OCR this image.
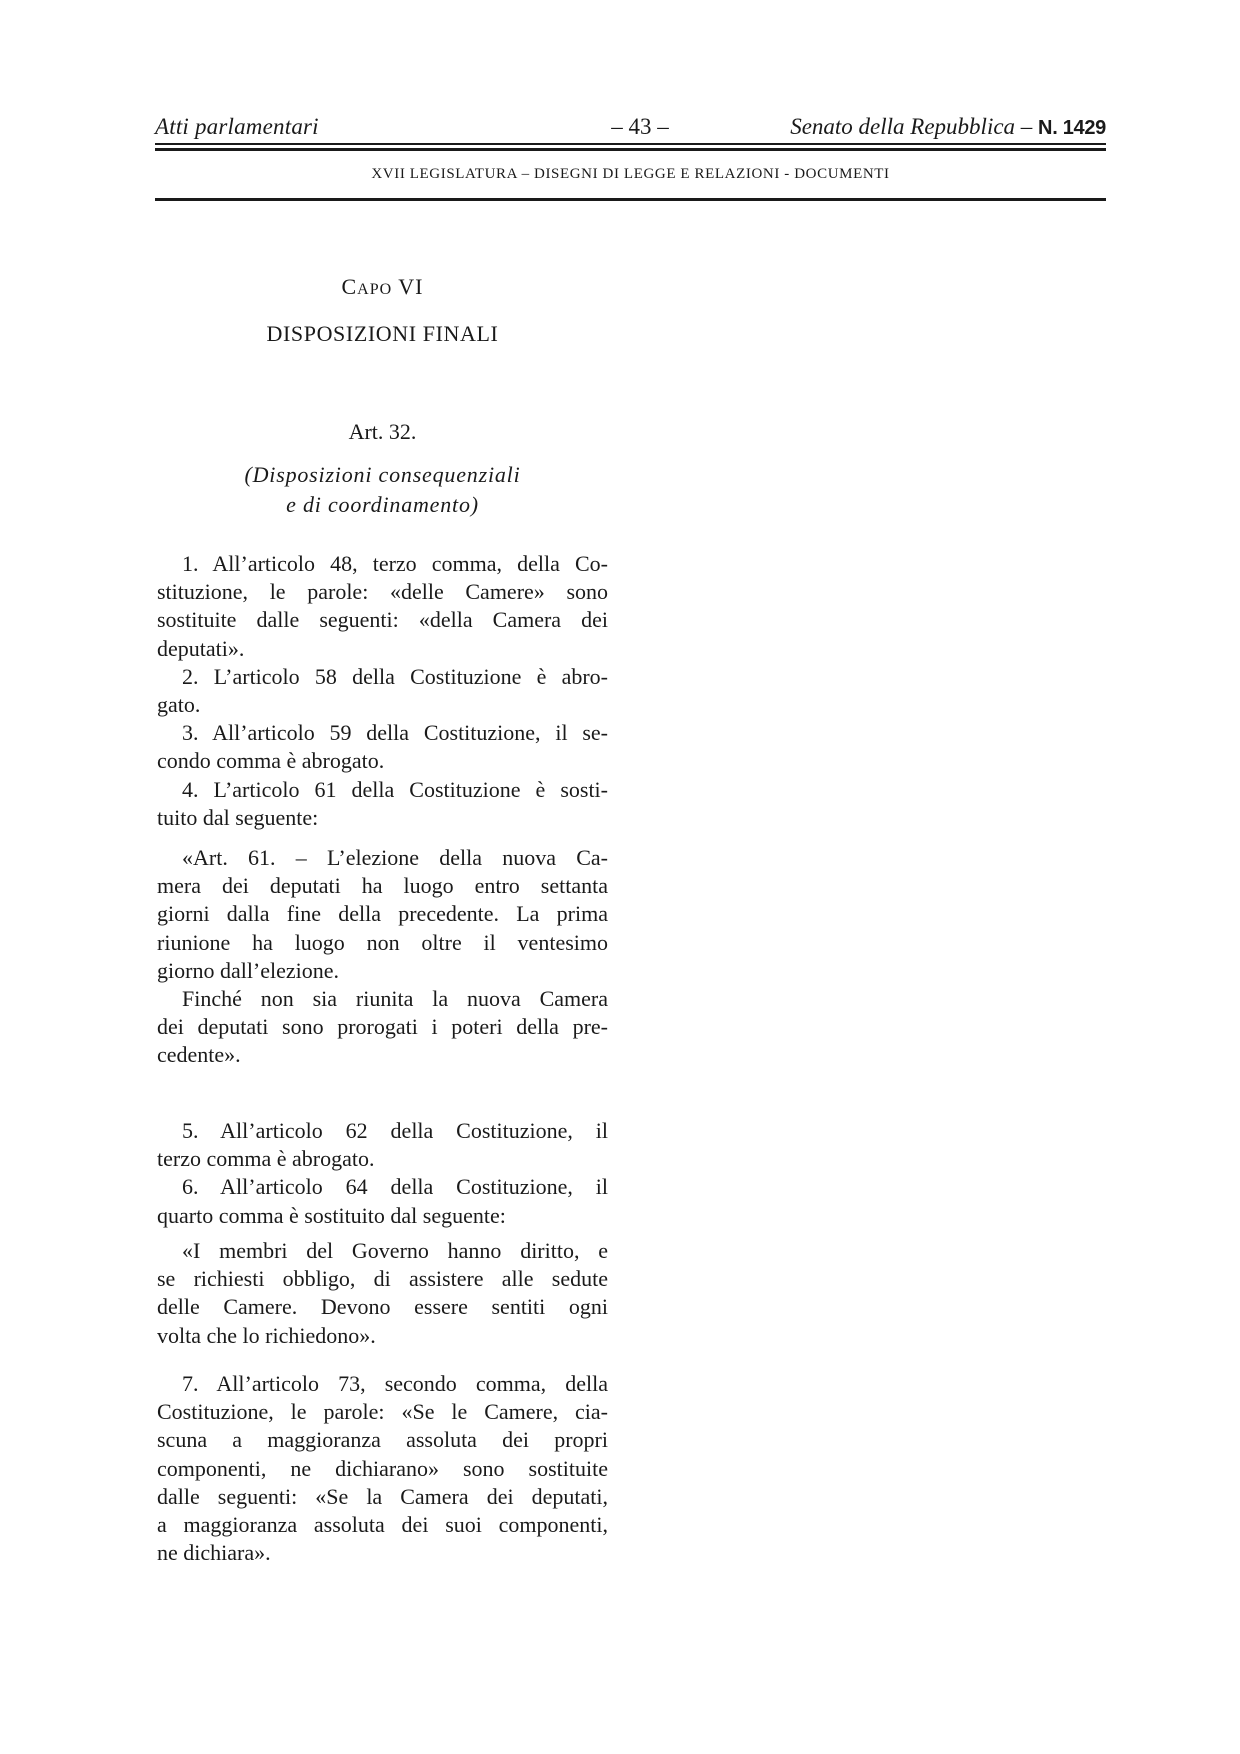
Atti parlamentari	– 43 –	Senato della Repubblica – N. 1429
XVII LEGISLATURA – DISEGNI DI LEGGE E RELAZIONI - DOCUMENTI
CAPO VI
DISPOSIZIONI FINALI
Art. 32.
(Disposizioni consequenziali
e di coordinamento)
1. All’articolo 48, terzo comma, della Co-
stituzione, le parole: «delle Camere» sono
sostituite dalle seguenti: «della Camera dei
deputati».
2. L’articolo 58 della Costituzione è abro-
gato.
3. All’articolo 59 della Costituzione, il se-
condo comma è abrogato.
4. L’articolo 61 della Costituzione è sosti-
tuito dal seguente:
«Art. 61. – L’elezione della nuova Ca-
mera dei deputati ha luogo entro settanta
giorni dalla fine della precedente. La prima
riunione ha luogo non oltre il ventesimo
giorno dall’elezione.
Finché non sia riunita la nuova Camera
dei deputati sono prorogati i poteri della pre-
cedente».
5. All’articolo 62 della Costituzione, il
terzo comma è abrogato.
6. All’articolo 64 della Costituzione, il
quarto comma è sostituito dal seguente:
«I membri del Governo hanno diritto, e
se richiesti obbligo, di assistere alle sedute
delle Camere. Devono essere sentiti ogni
volta che lo richiedono».
7. All’articolo 73, secondo comma, della
Costituzione, le parole: «Se le Camere, cia-
scuna a maggioranza assoluta dei propri
componenti, ne dichiarano» sono sostituite
dalle seguenti: «Se la Camera dei deputati,
a maggioranza assoluta dei suoi componenti,
ne dichiara».
